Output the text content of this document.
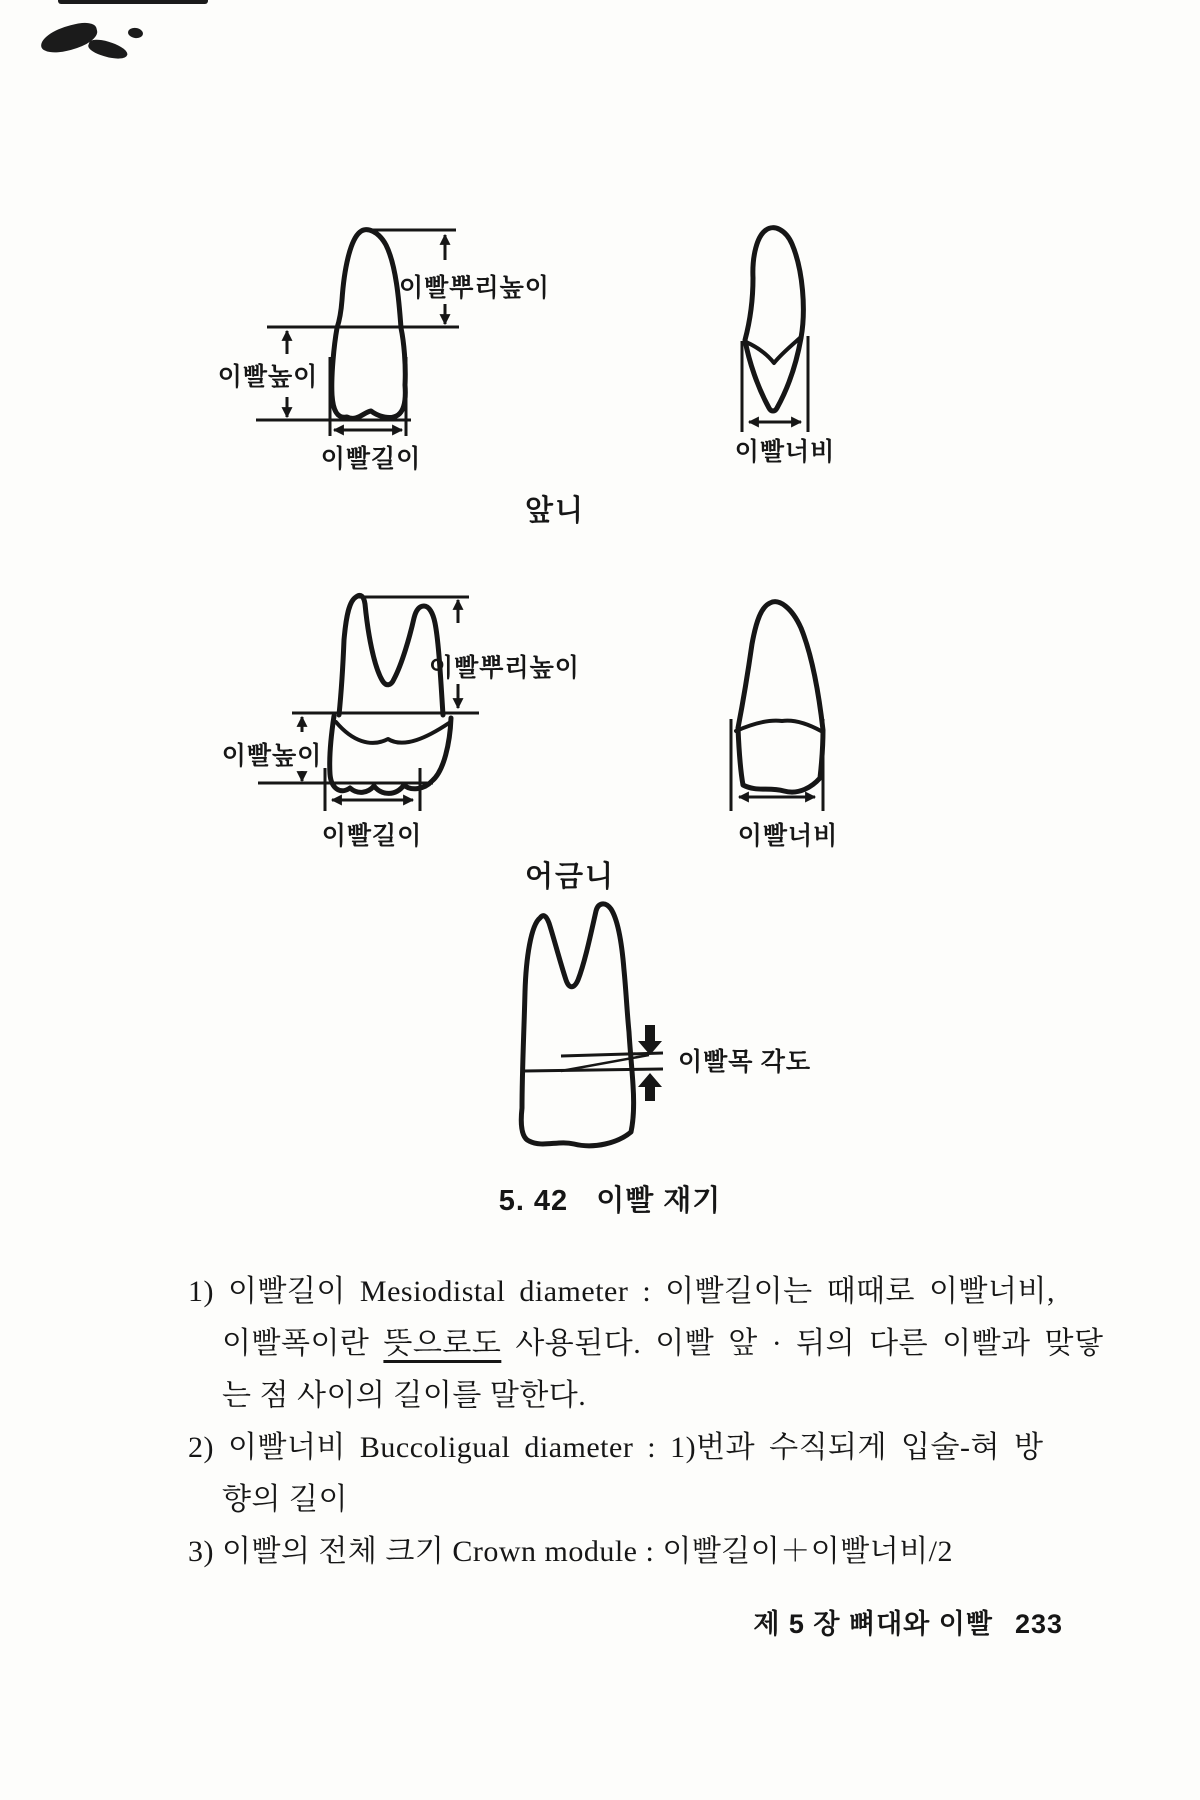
이빨뿌리높이
이빨높이
이빨길이	이빨너비
앞니
이빨뿌리높이
이빨높이
이빨길이	이빨너비
어금니
이빨목 각도
5. 42 이빨 재기
1) 이빨길이 Mesiodistal diameter : 이빨길이는 때때로 이빨너비,
이빨폭이란 뜻으로도 사용된다. 이빨 앞 · 뒤의 다른 이빨과 맞닿
는 점 사이의 길이를 말한다.
2) 이빨너비 Buccoligual diameter : 1)번과 수직되게 입술-혀 방
향의 길이
3) 이빨의 전체 크기 Crown module : 이빨길이＋이빨너비/2
제 5 장 뼈대와 이빨 233
